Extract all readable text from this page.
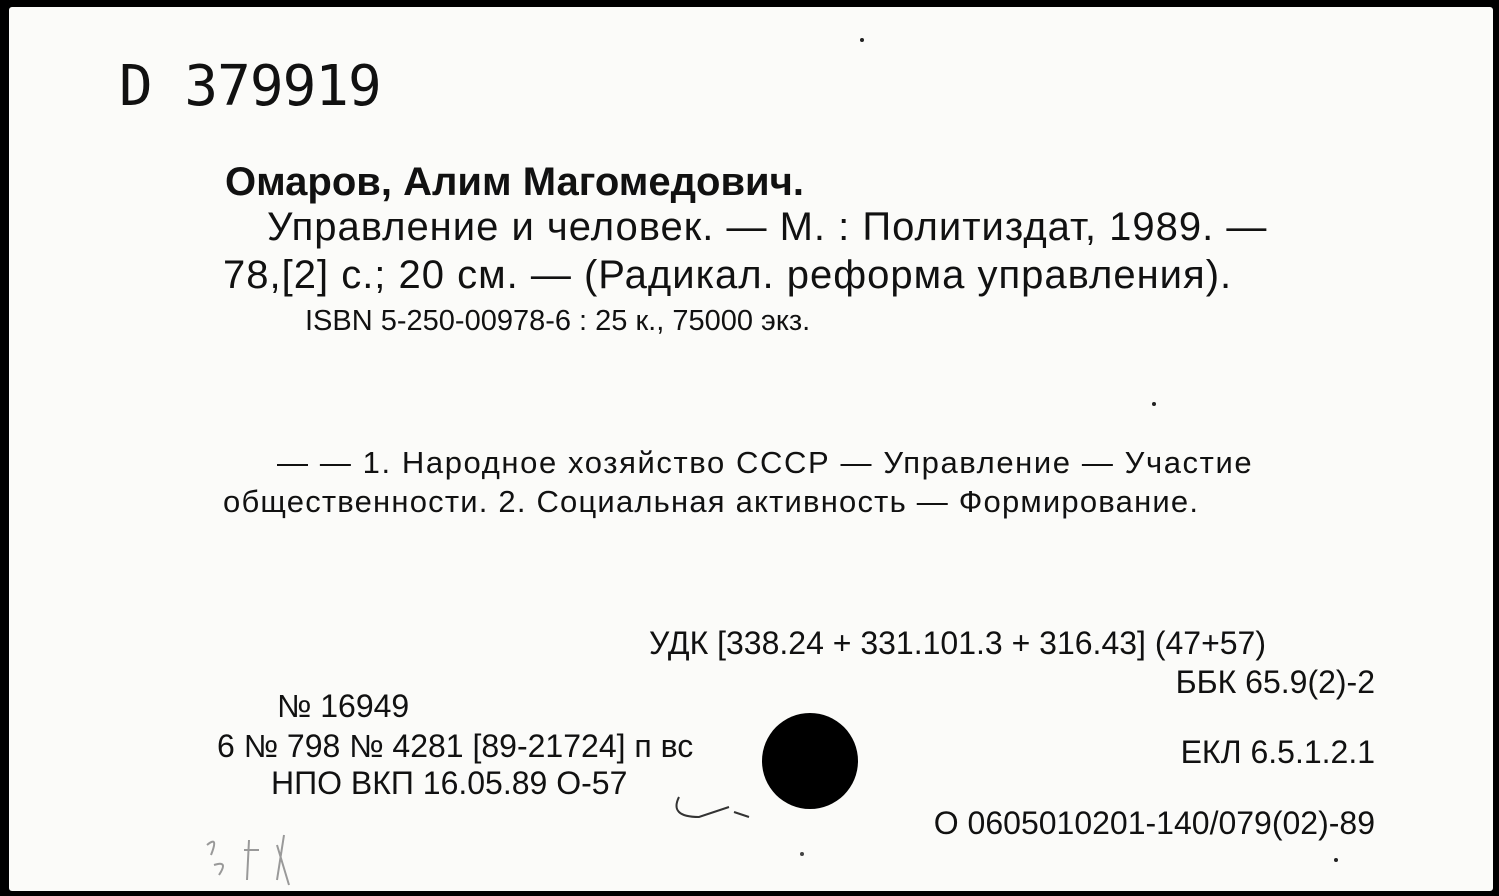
D 379919
Омаров, Алим Магомедович.
Управление и человек. — М. : Политиздат, 1989. —
78,[2] с.; 20 см. — (Радикал. реформа управления).
ISBN 5-250-00978-6 : 25 к., 75000 экз.
— — 1. Народное хозяйство СССР — Управление — Участие
общественности. 2. Социальная активность — Формирование.
УДК [338.24 + 331.101.3 + 316.43] (47+57)
ББК 65.9(2)-2
№ 16949
6 № 798 № 4281 [89-21724] п вс	ЕКЛ 6.5.1.2.1
НПО ВКП 16.05.89 О-57
О 0605010201-140/079(02)-89
